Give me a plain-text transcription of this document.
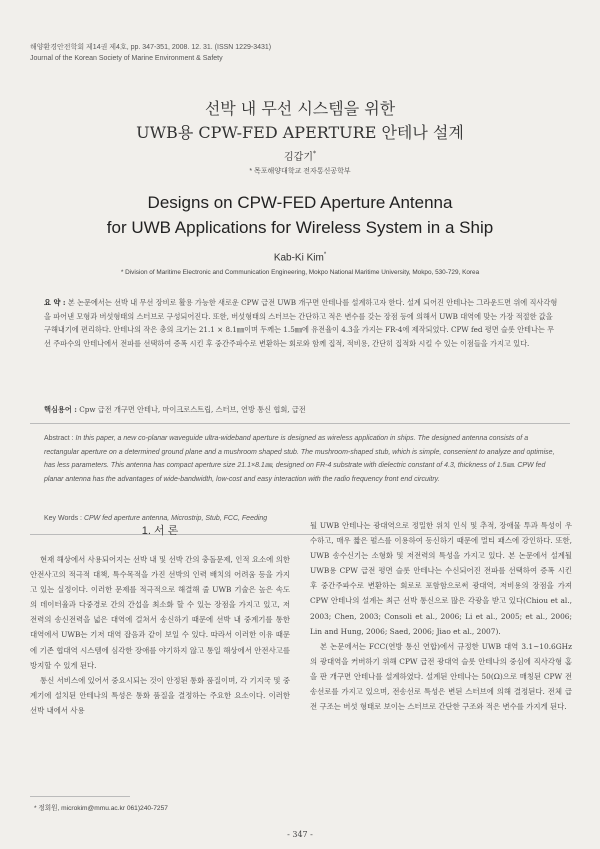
해양환경안전학회 제14권 제4호, pp. 347-351, 2008. 12. 31. (ISSN 1229-3431)
Journal of the Korean Society of Marine Environment & Safety
선박 내 무선 시스템을 위한
UWB용 CPW-FED APERTURE 안테나 설계
김갑기*
* 목포해양대학교 전자통신공학부
Designs on CPW-FED Aperture Antenna
for UWB Applications for Wireless System in a Ship
Kab-Ki Kim*
* Division of Maritime Electronic and Communication Engineering, Mokpo National Maritime University, Mokpo, 530-729, Korea
요 약 : 본 논문에서는 선박 내 무선 장비로 활용 가능한 새로운 CPW 급전 UWB 개구면 안테나를 설계하고자 한다. 설계 되어진 안테나는 그라운드면 위에 직사각형을 파어낸 모형과 버섯형태의 스터브로 구성되어진다. 또한, 버섯형태의 스터브는 간단하고 적은 변수를 갖는 장점 등에 의해서 UWB 대역에 맞는 가장 적절한 값을 구해내기에 편리하다. 안테나의 작은 총의 크기는 21.1 × 8.1㎜이며 두께는 1.5㎜에 유전율이 4.3을 가지는 FR-4에 제작되었다. CPW fed 평면 슬롯 안테나는 무선 주파수의 안테나에서 전파를 선택하여 증폭 시킨 후 중간주파수로 변환하는 회로와 함께 집적, 적비용, 간단히 집적화 시킬 수 있는 이점들을 가지고 있다.
핵심용어 : Cpw 급전 개구면 안테나, 마이크로스트립, 스터브, 연방 통신 협회, 급전
Abstract : In this paper, a new co-planar waveguide ultra-wideband aperture is designed as wireless application in ships. The designed antenna consists of a rectangular aperture on a determined ground plane and a mushroom shaped stub. The mushroom-shaped stub, which is simple, consenient to analyze and optimise, has less parameters. This antenna has compact aperture size 21.1×8.1㎜, designed on FR-4 substrate with dielectric constant of 4.3, thickness of 1.5㎜. CPW fed planar antenna has the advantages of wide-bandwidth, low-cost and easy interaction with the radio frequency front end circuitry.
Key Words : CPW fed aperture antenna, Microstrip, Stub, FCC, Feeding
1. 서 론
현재 해상에서 사용되어지는 선박 내 및 선박 간의 충돌문제, 인적 요소에 의한 안전사고의 적극적 대책, 특수목적을 가진 선박의 인력 배치의 어려움 등을 가지고 있는 실정이다. 이러한 문제를 적극적으로 해결해 줄 UWB 기술은 높은 속도의 데이터율과 다중경로 간의 간섭을 최소화 할 수 있는 장점을 가지고 있고, 저 전력의 송신전력을 넓은 대역에 걸쳐서 송신하기 때문에 선박 내 중계기를 통한 대역에서 UWB는 기저 대역 잡음과 같이 보일 수 있다. 따라서 이러한 이유 때문에 기존 협대역 시스템에 심각한 장애를 야기하지 않고 통일 해상에서 안전사고를 방지할 수 있게 된다.
통신 서비스에 있어서 중요시되는 것이 안정된 통화 품질이며, 각 기지국 및 중계기에 설치된 안테나의 특성은 통화 품질을 결정하는 주요한 요소이다. 이러한 선박 내에서 사용
* 정회원, microkim@mmu.ac.kr 061)240-7257
될 UWB 안테나는 광대역으로 정밀한 위치 인식 및 추적, 장애물 투과 특성이 우수하고, 매우 짧은 펄스를 이용하여 동신하기 때문에 멀티 패스에 강인하다. 또한, UWB 송수신기는 소형화 및 저전력의 특성을 가지고 있다. 본 논문에서 설계될 UWB용 CPW 급전 평면 슬롯 안테나는 수신되어진 전파를 선택하여 증폭 시킨 후 중간주파수로 변환하는 회로로 포함함으로써 광대역, 저비용의 장점을 가져 CPW 안테나의 설계는 최근 선박 통신으로 많은 각광을 받고 있다(Chiou et al., 2003; Chen, 2003; Consoli et al., 2006; Li et al., 2005; et al., 2006; Lin and Hung, 2006; Saed, 2006; Jiao et al., 2007).
본 논문에서는 FCC(연방 통신 연합)에서 규정한 UWB 대역 3.1~10.6GHz의 광대역을 커버하기 위해 CPW 급전 광대역 슬롯 안테나의 중심에 직사각형 홈을 판 개구면 안테나를 설계하였다. 설계된 안테나는 50(Ω)으로 매칭된 CPW 전송선로를 가지고 있으며, 전송선로 특성은 변된 스터브에 의해 결정된다. 전체 급전 구조는 버섯 형태로 보이는 스터브로 간단한 구조와 적은 변수를 가지게 된다.
- 347 -
